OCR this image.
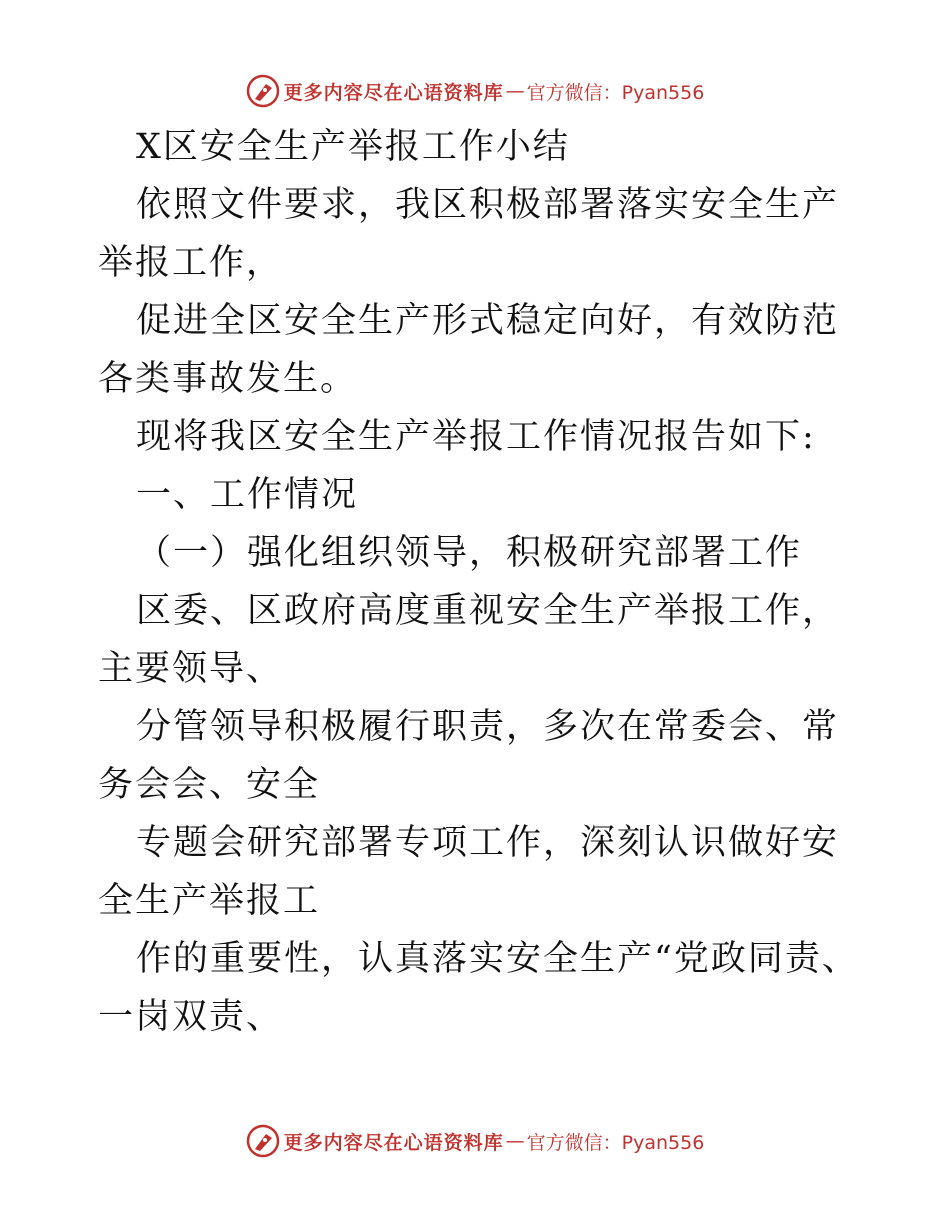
更多内容尽在心语资料库 — 官方微信：Pyan556

X区安全生产举报工作小结

依照文件要求，我区积极部署落实安全生产举报工作，

促进全区安全生产形式稳定向好，有效防范各类事故发生。

现将我区安全生产举报工作情况报告如下:

一、工作情况

（一）强化组织领导，积极研究部署工作

区委、区政府高度重视安全生产举报工作，主要领导、

分管领导积极履行职责，多次在常委会、常务会会、安全

专题会研究部署专项工作，深刻认识做好安全生产举报工

作的重要性，认真落实安全生产“党政同责、一岗双责、

更多内容尽在心语资料库 — 官方微信：Pyan556
